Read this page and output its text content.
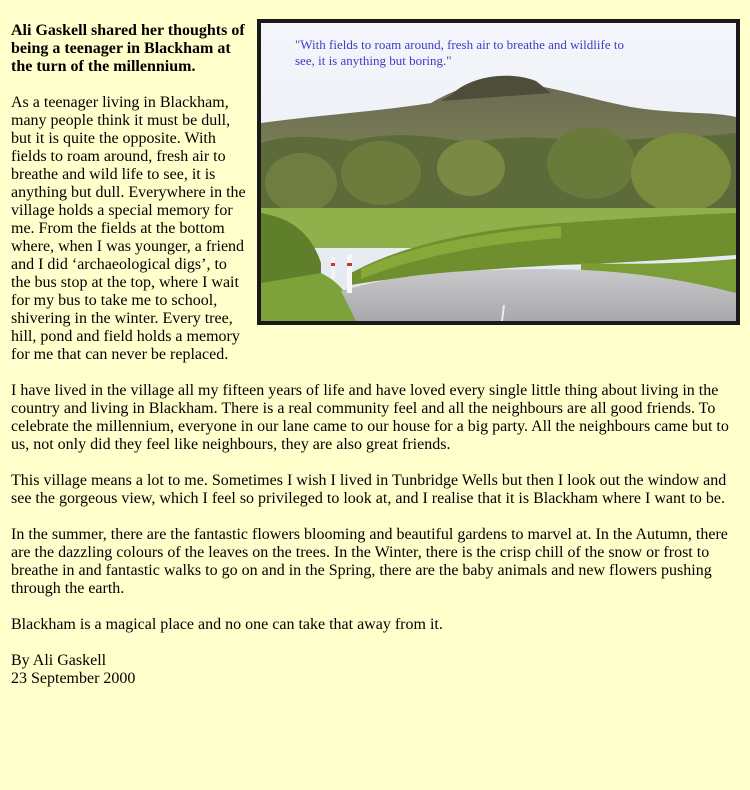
"With fields to roam around, fresh air to breathe and wildlife to see, it is anything but boring."

Ali Gaskell shared her thoughts of being a teenager in Blackham at the turn of the millennium.

As a teenager living in Blackham, many people think it must be dull, but it is quite the opposite. With fields to roam around, fresh air to breathe and wild life to see, it is anything but dull. Everywhere in the village holds a special memory for me. From the fields at the bottom where, when I was younger, a friend and I did ‘archaeological digs’, to the bus stop at the top, where I wait for my bus to take me to school, shivering in the winter. Every tree, hill, pond and field holds a memory for me that can never be replaced.

I have lived in the village all my fifteen years of life and have loved every single little thing about living in the country and living in Blackham. There is a real community feel and all the neighbours are all good friends. To celebrate the millennium, everyone in our lane came to our house for a big party. All the neighbours came but to us, not only did they feel like neighbours, they are also great friends.

This village means a lot to me. Sometimes I wish I lived in Tunbridge Wells but then I look out the window and see the gorgeous view, which I feel so privileged to look at, and I realise that it is Blackham where I want to be.

In the summer, there are the fantastic flowers blooming and beautiful gardens to marvel at. In the Autumn, there are the dazzling colours of the leaves on the trees. In the Winter, there is the crisp chill of the snow or frost to breathe in and fantastic walks to go on and in the Spring, there are the baby animals and new flowers pushing through the earth.

Blackham is a magical place and no one can take that away from it.

By Ali Gaskell

23 September 2000
